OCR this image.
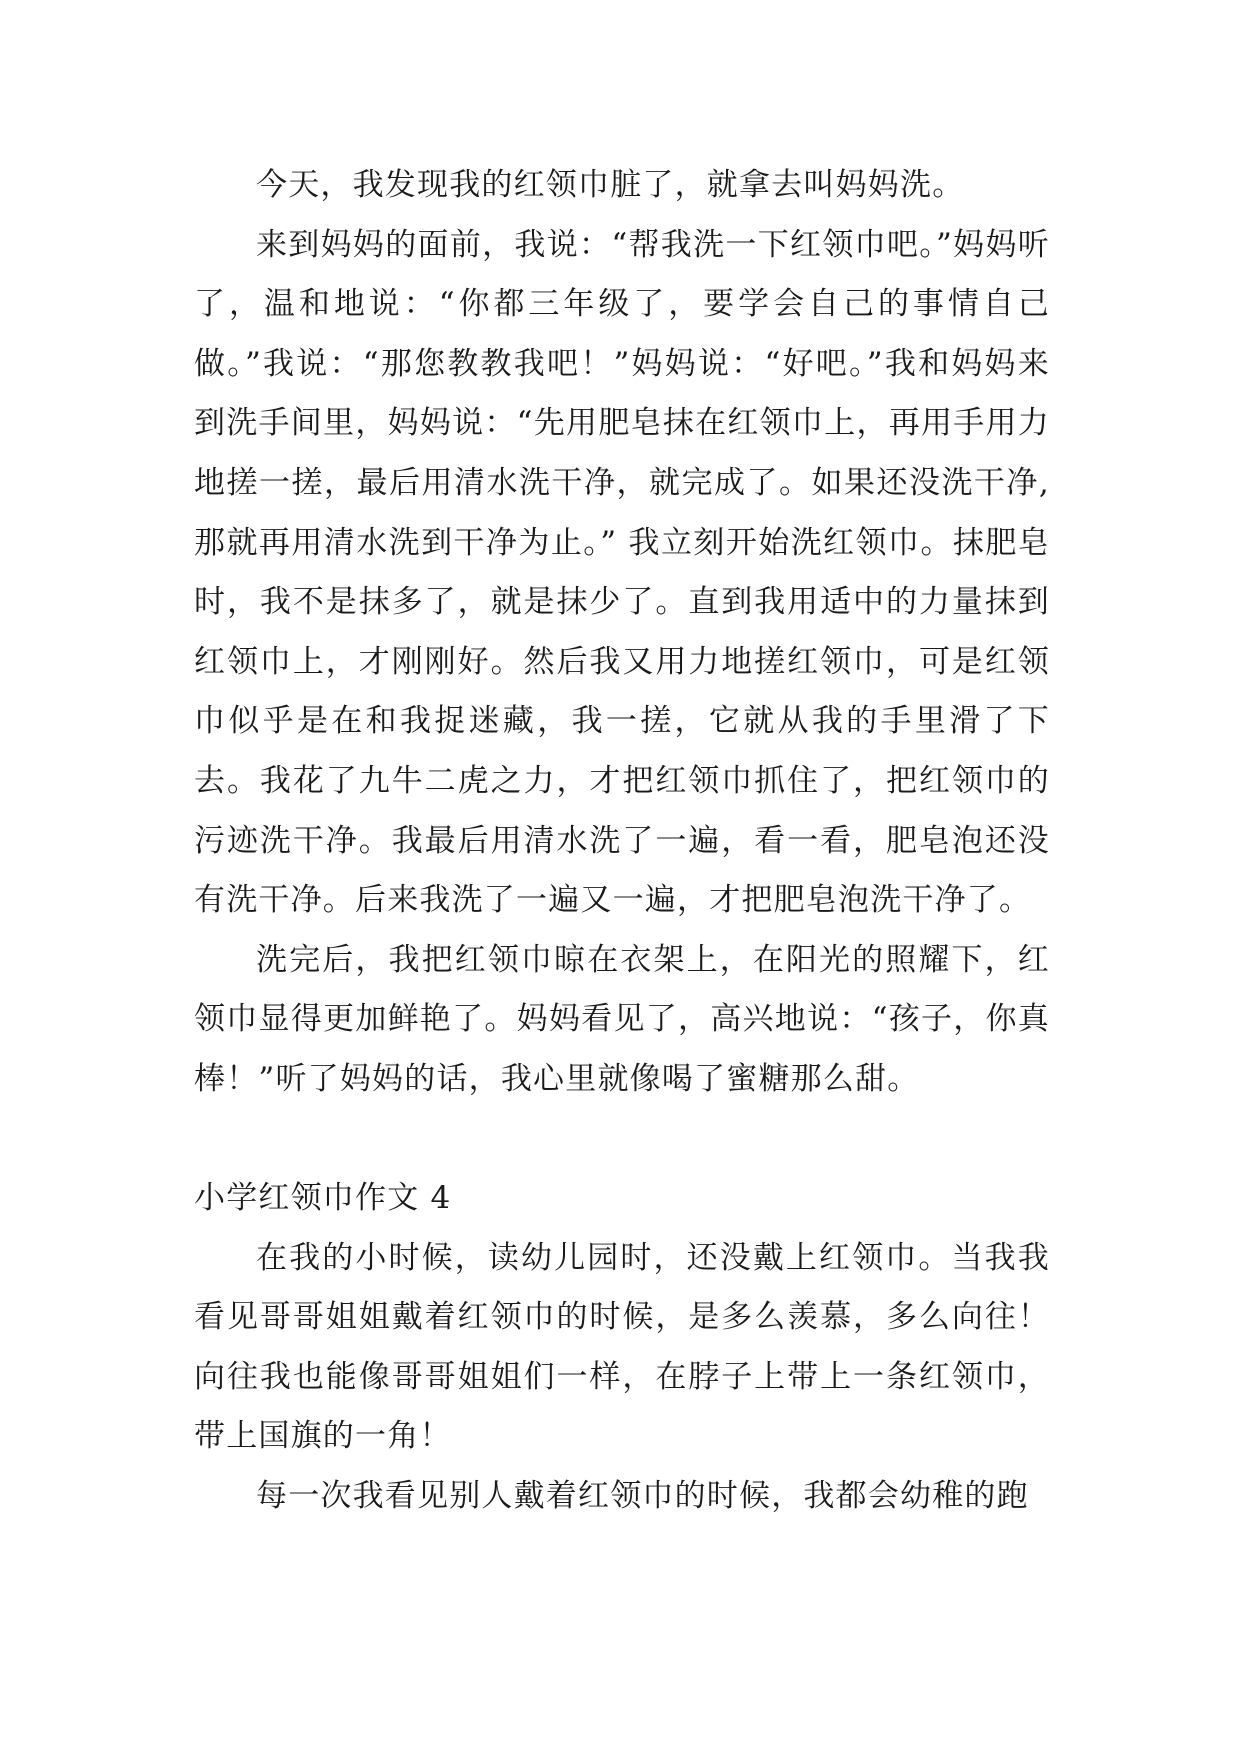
今天，我发现我的红领巾脏了，就拿去叫妈妈洗。

来到妈妈的面前，我说：“帮我洗一下红领巾吧。”妈妈听了，温和地说：“你都三年级了，要学会自己的事情自己做。”我说：“那您教教我吧！”妈妈说：“好吧。”我和妈妈来到洗手间里，妈妈说：“先用肥皂抹在红领巾上，再用手用力地搓一搓，最后用清水洗干净，就完成了。如果还没洗干净,那就再用清水洗到干净为止。” 我立刻开始洗红领巾。抹肥皂时，我不是抹多了，就是抹少了。直到我用适中的力量抹到红领巾上，才刚刚好。然后我又用力地搓红领巾，可是红领巾似乎是在和我捉迷藏，我一搓，它就从我的手里滑了下去。我花了九牛二虎之力，才把红领巾抓住了，把红领巾的污迹洗干净。我最后用清水洗了一遍，看一看，肥皂泡还没有洗干净。后来我洗了一遍又一遍，才把肥皂泡洗干净了。

洗完后，我把红领巾晾在衣架上，在阳光的照耀下，红领巾显得更加鲜艳了。妈妈看见了，高兴地说：“孩子，你真棒！”听了妈妈的话，我心里就像喝了蜜糖那么甜。

小学红领巾作文 4

在我的小时候，读幼儿园时，还没戴上红领巾。当我我看见哥哥姐姐戴着红领巾的时候，是多么羡慕，多么向往！向往我也能像哥哥姐姐们一样，在脖子上带上一条红领巾，带上国旗的一角！

每一次我看见别人戴着红领巾的时候，我都会幼稚的跑
